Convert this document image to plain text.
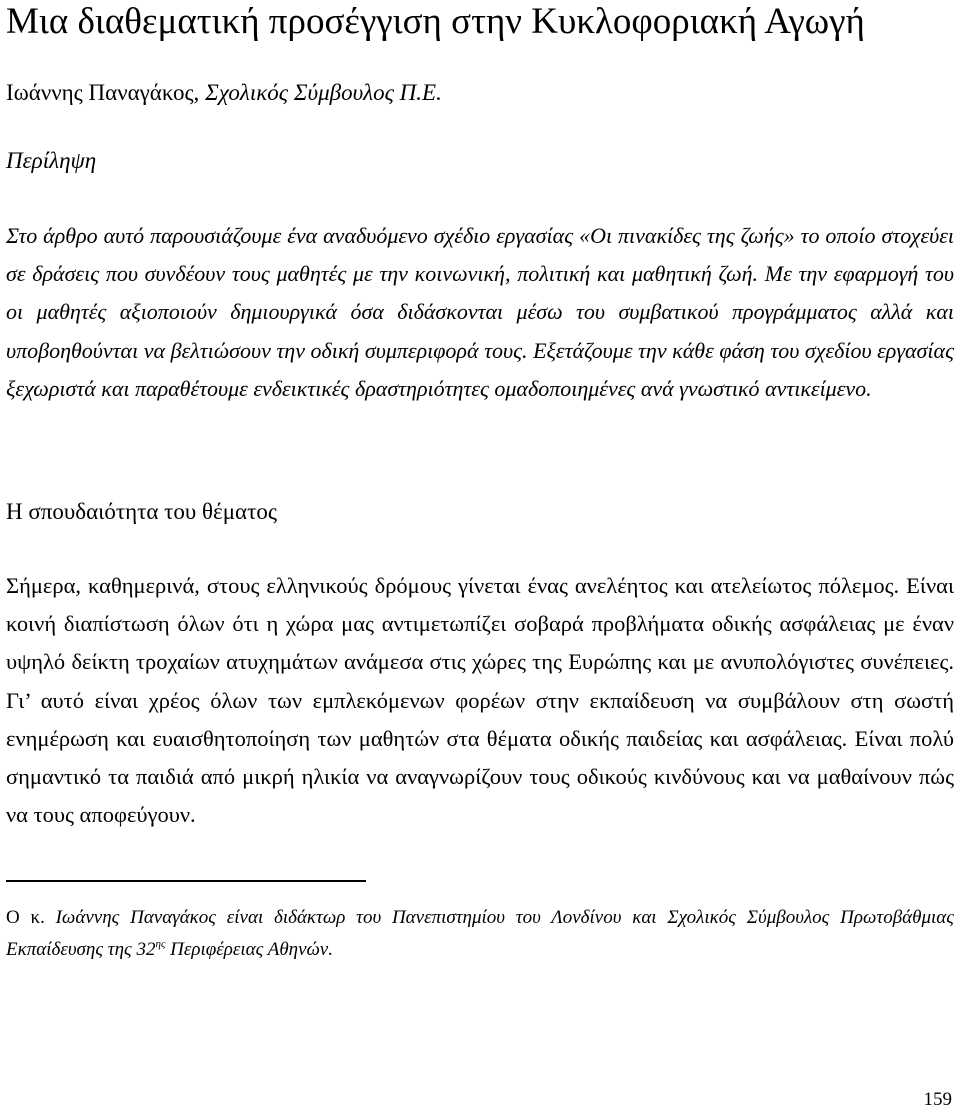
Μια διαθεματική προσέγγιση στην Κυκλοφοριακή Αγωγή
Ιωάννης Παναγάκος, Σχολικός Σύμβουλος Π.Ε.
Περίληψη

Στο άρθρο αυτό παρουσιάζουμε ένα αναδυόμενο σχέδιο εργασίας «Οι πινακίδες της ζωής» το οποίο στοχεύει σε δράσεις που συνδέουν τους μαθητές με την κοινωνική, πολιτική και μαθητική ζωή. Με την εφαρμογή του οι μαθητές αξιοποιούν δημιουργικά όσα διδάσκονται μέσω του συμβατικού προγράμματος αλλά και υποβοηθούνται να βελτιώσουν την οδική συμπεριφορά τους. Εξετάζουμε την κάθε φάση του σχεδίου εργασίας ξεχωριστά και παραθέτουμε ενδεικτικές δραστηριότητες ομαδοποιημένες ανά γνωστικό αντικείμενο.

Η σπουδαιότητα του θέματος

Σήμερα, καθημερινά, στους ελληνικούς δρόμους γίνεται ένας ανελέητος και ατελείωτος πόλεμος. Είναι κοινή διαπίστωση όλων ότι η χώρα μας αντιμετωπίζει σοβαρά προβλήματα οδικής ασφάλειας με έναν υψηλό δείκτη τροχαίων ατυχημάτων ανάμεσα στις χώρες της Ευρώπης και με ανυπολόγιστες συνέπειες. Γι’ αυτό είναι χρέος όλων των εμπλεκόμενων φορέων στην εκπαίδευση να συμβάλουν στη σωστή ενημέρωση και ευαισθητοποίηση των μαθητών στα θέματα οδικής παιδείας και ασφάλειας. Είναι πολύ σημαντικό τα παιδιά από μικρή ηλικία να αναγνωρίζουν τους οδικούς κινδύνους και να μαθαίνουν πώς να τους αποφεύγουν.

Ο κ. Ιωάννης Παναγάκος είναι διδάκτωρ του Πανεπιστημίου του Λονδίνου και Σχολικός Σύμβουλος Πρωτοβάθμιας Εκπαίδευσης της 32$^{\eta\varsigma}$ Περιφέρειας Αθηνών.

159
